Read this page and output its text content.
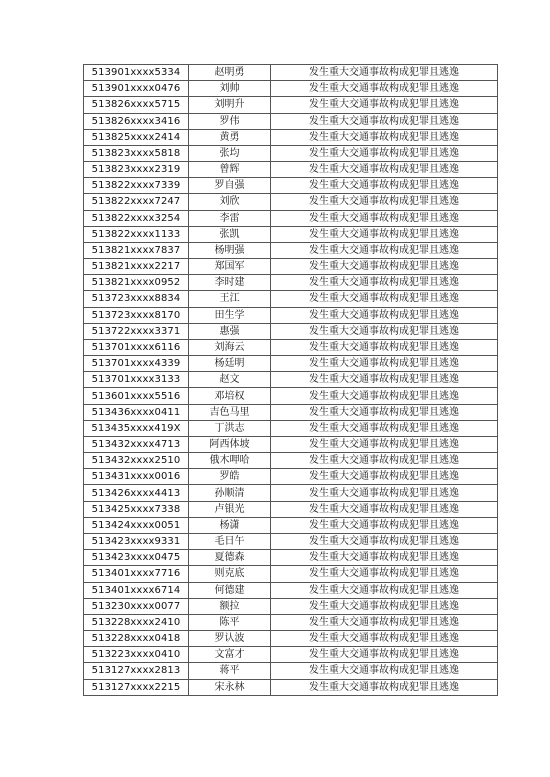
513901xxxx5334	赵明勇	发生重大交通事故构成犯罪且逃逸
513901xxxx0476	刘帅	发生重大交通事故构成犯罪且逃逸
513826xxxx5715	刘明升	发生重大交通事故构成犯罪且逃逸
513826xxxx3416	罗伟	发生重大交通事故构成犯罪且逃逸
513825xxxx2414	黄勇	发生重大交通事故构成犯罪且逃逸
513823xxxx5818	张均	发生重大交通事故构成犯罪且逃逸
513823xxxx2319	曾辉	发生重大交通事故构成犯罪且逃逸
513822xxxx7339	罗自强	发生重大交通事故构成犯罪且逃逸
513822xxxx7247	刘欣	发生重大交通事故构成犯罪且逃逸
513822xxxx3254	李雷	发生重大交通事故构成犯罪且逃逸
513822xxxx1133	张凯	发生重大交通事故构成犯罪且逃逸
513821xxxx7837	杨明强	发生重大交通事故构成犯罪且逃逸
513821xxxx2217	郑国军	发生重大交通事故构成犯罪且逃逸
513821xxxx0952	李时建	发生重大交通事故构成犯罪且逃逸
513723xxxx8834	王江	发生重大交通事故构成犯罪且逃逸
513723xxxx8170	田生学	发生重大交通事故构成犯罪且逃逸
513722xxxx3371	惠强	发生重大交通事故构成犯罪且逃逸
513701xxxx6116	刘海云	发生重大交通事故构成犯罪且逃逸
513701xxxx4339	杨廷明	发生重大交通事故构成犯罪且逃逸
513701xxxx3133	赵文	发生重大交通事故构成犯罪且逃逸
513601xxxx5516	邓培权	发生重大交通事故构成犯罪且逃逸
513436xxxx0411	吉色马里	发生重大交通事故构成犯罪且逃逸
513435xxxx419X	丁洪志	发生重大交通事故构成犯罪且逃逸
513432xxxx4713	阿西体坡	发生重大交通事故构成犯罪且逃逸
513432xxxx2510	俄木呷哈	发生重大交通事故构成犯罪且逃逸
513431xxxx0016	罗皓	发生重大交通事故构成犯罪且逃逸
513426xxxx4413	孙顺清	发生重大交通事故构成犯罪且逃逸
513425xxxx7338	卢银光	发生重大交通事故构成犯罪且逃逸
513424xxxx0051	杨潇	发生重大交通事故构成犯罪且逃逸
513423xxxx9331	毛日午	发生重大交通事故构成犯罪且逃逸
513423xxxx0475	夏德森	发生重大交通事故构成犯罪且逃逸
513401xxxx7716	则克底	发生重大交通事故构成犯罪且逃逸
513401xxxx6714	何德建	发生重大交通事故构成犯罪且逃逸
513230xxxx0077	额拉	发生重大交通事故构成犯罪且逃逸
513228xxxx2410	陈平	发生重大交通事故构成犯罪且逃逸
513228xxxx0418	罗认波	发生重大交通事故构成犯罪且逃逸
513223xxxx0410	文富才	发生重大交通事故构成犯罪且逃逸
513127xxxx2813	蒋平	发生重大交通事故构成犯罪且逃逸
513127xxxx2215	宋永林	发生重大交通事故构成犯罪且逃逸
